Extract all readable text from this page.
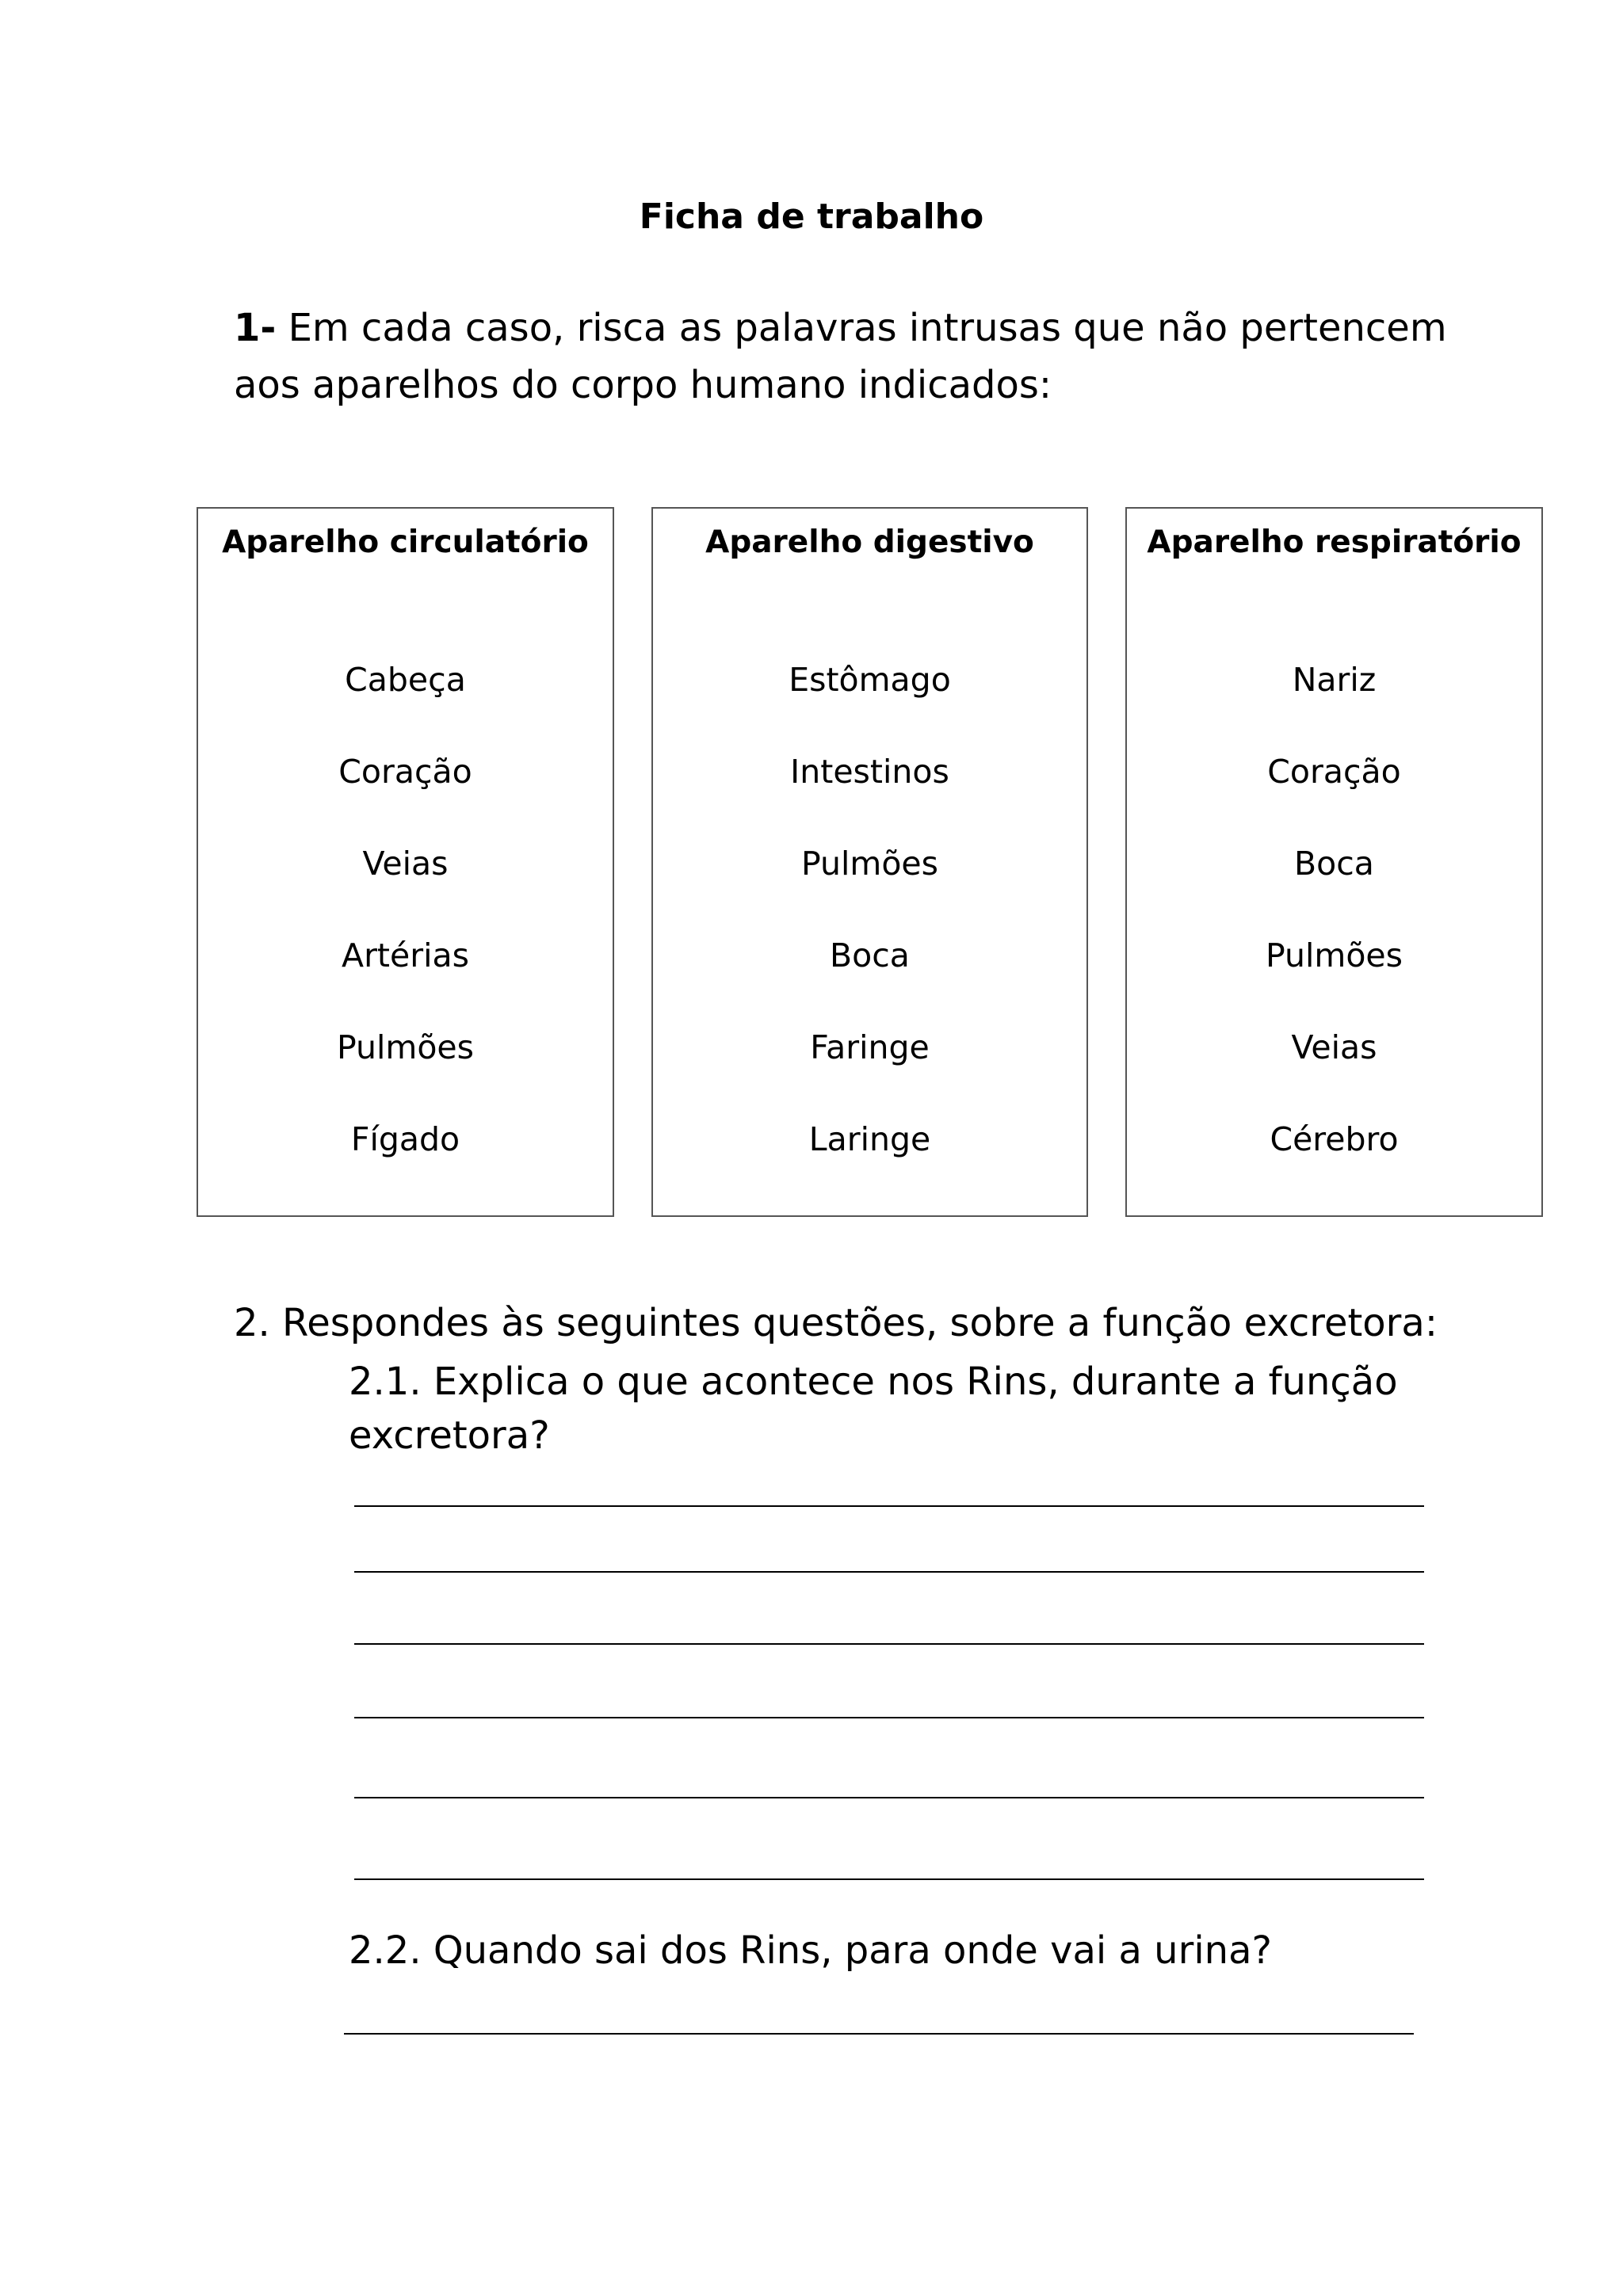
Ficha de trabalho
1- Em cada caso, risca as palavras intrusas que não pertencem aos aparelhos do corpo humano indicados:
Aparelho circulatório
Cabeça
Coração
Veias
Artérias
Pulmões
Fígado
Aparelho digestivo
Estômago
Intestinos
Pulmões
Boca
Faringe
Laringe
Aparelho respiratório
Nariz
Coração
Boca
Pulmões
Veias
Cérebro
2. Respondes às seguintes questões, sobre a função excretora:
2.1. Explica o que acontece nos Rins, durante a função excretora?
2.2. Quando sai dos Rins, para onde vai a urina?
